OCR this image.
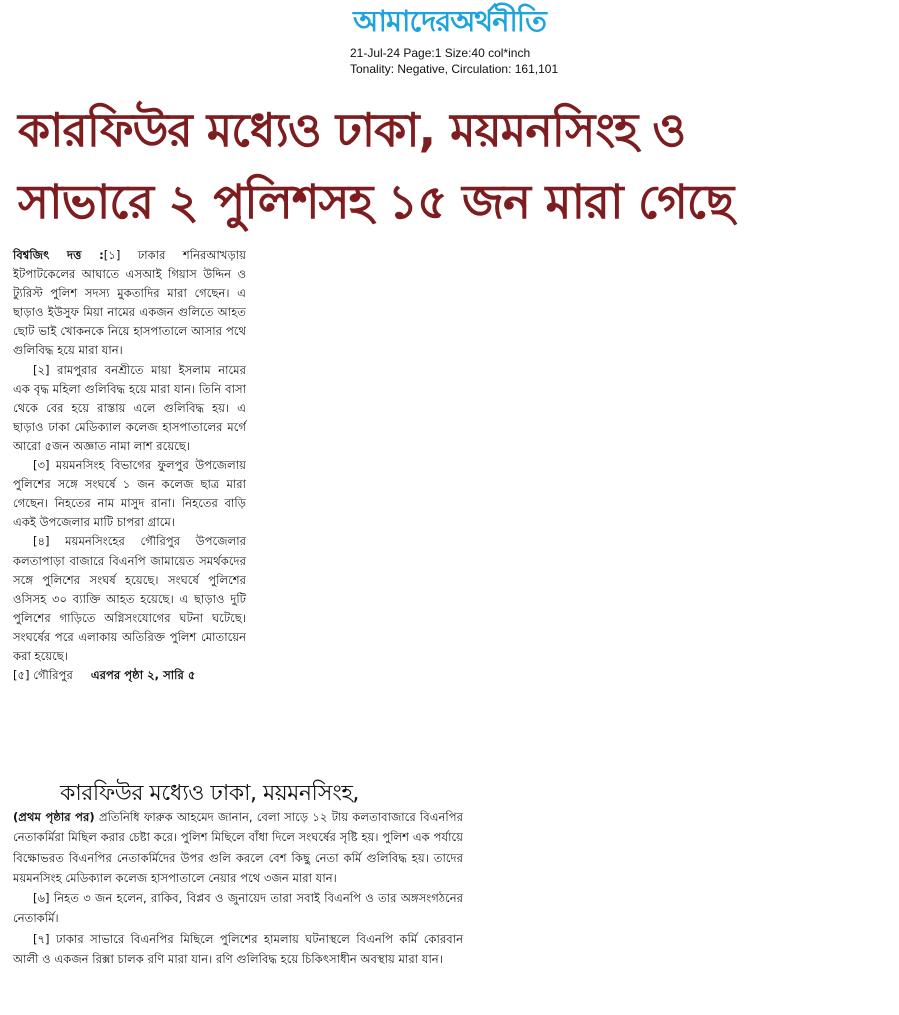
আমাদেরঅর্থনীতি
21-Jul-24 Page:1 Size:40 col*inch
Tonality: Negative, Circulation: 161,101
কারফিউর মধ্যেও ঢাকা, ময়মনসিংহ ও
সাভারে ২ পুলিশসহ ১৫ জন মারা গেছে

বিশ্বজিৎ দত্ত :[১] ঢাকার শনিরআখড়ায় ইটপাটকেলের আঘাতে এসআই গিয়াস উদ্দিন ও ট্যুরিস্ট পুলিশ সদস্য মুকতাদির মারা গেছেন। এ ছাড়াও ইউসুফ মিয়া নামের একজন গুলিতে আহত ছোট ভাই খোকনকে নিয়ে হাসপাতালে আসার পথে গুলিবিদ্ধ হয়ে মারা যান।

[২] রামপুরার বনশ্রীতে মায়া ইসলাম নামের এক বৃদ্ধ মহিলা গুলিবিদ্ধ হয়ে মারা যান। তিনি বাসা থেকে বের হয়ে রাস্তায় এলে গুলিবিদ্ধ হয়। এ ছাড়াও ঢাকা মেডিক্যাল কলেজ হাসপাতালের মর্গে আরো ৫জন অজ্ঞাত নামা লাশ রয়েছে।

[৩] ময়মনসিংহ বিভাগের ফুলপুর উপজেলায় পুলিশের সঙ্গে সংঘর্ষে ১ জন কলেজ ছাত্র মারা গেছেন। নিহতের নাম মাসুদ রানা। নিহতের বাড়ি একই উপজেলার মাটি চাপরা গ্রামে।

[৪] ময়মনসিংহের গৌরিপুর উপজেলার কলতাপাড়া বাজারে বিএনপি জামায়েত সমর্থকদের সঙ্গে পুলিশের সংঘর্ষ হয়েছে। সংঘর্ষে পুলিশের ওসিসহ ৩০ ব্যাক্তি আহত হয়েছে। এ ছাড়াও দুটি পুলিশের গাড়িতে অগ্নিসংযোগের ঘটনা ঘটেছে। সংঘর্ষের পরে এলাকায় অতিরিক্ত পুলিশ মোতায়েন করা হয়েছে।

[৫] গৌরিপুর এরপর পৃষ্ঠা ২, সারি ৫

কারফিউর মধ্যেও ঢাকা, ময়মনসিংহ,

(প্রথম পৃষ্ঠার পর) প্রতিনিধি ফারুক আহমেদ জানান, বেলা সাড়ে ১২ টায় কলতাবাজারে বিএনপির নেতাকর্মিরা মিছিল করার চেষ্টা করে। পুলিশ মিছিলে বাঁধা দিলে সংঘর্ষের সৃষ্টি হয়। পুলিশ এক পর্যায়ে বিক্ষোভরত বিএনপির নেতাকর্মিদের উপর গুলি করলে বেশ কিছু নেতা কর্মি গুলিবিদ্ধ হয়। তাদের ময়মনসিংহ মেডিক্যাল কলেজ হাসপাতালে নেয়ার পথে ৩জন মারা যান।

[৬] নিহত ৩ জন হলেন, রাকিব, বিপ্লব ও জুনায়েদ তারা সবাই বিএনপি ও তার অঙ্গসংগঠনের নেতাকর্মি।

[৭] ঢাকার সাভারে বিএনপির মিছিলে পুলিশের হামলায় ঘটনাস্থলে বিএনপি কর্মি কোরবান আলী ও একজন রিক্সা চালক রণি মারা যান। রণি গুলিবিদ্ধ হয়ে চিকিৎসাধীন অবস্থায় মারা যান।
